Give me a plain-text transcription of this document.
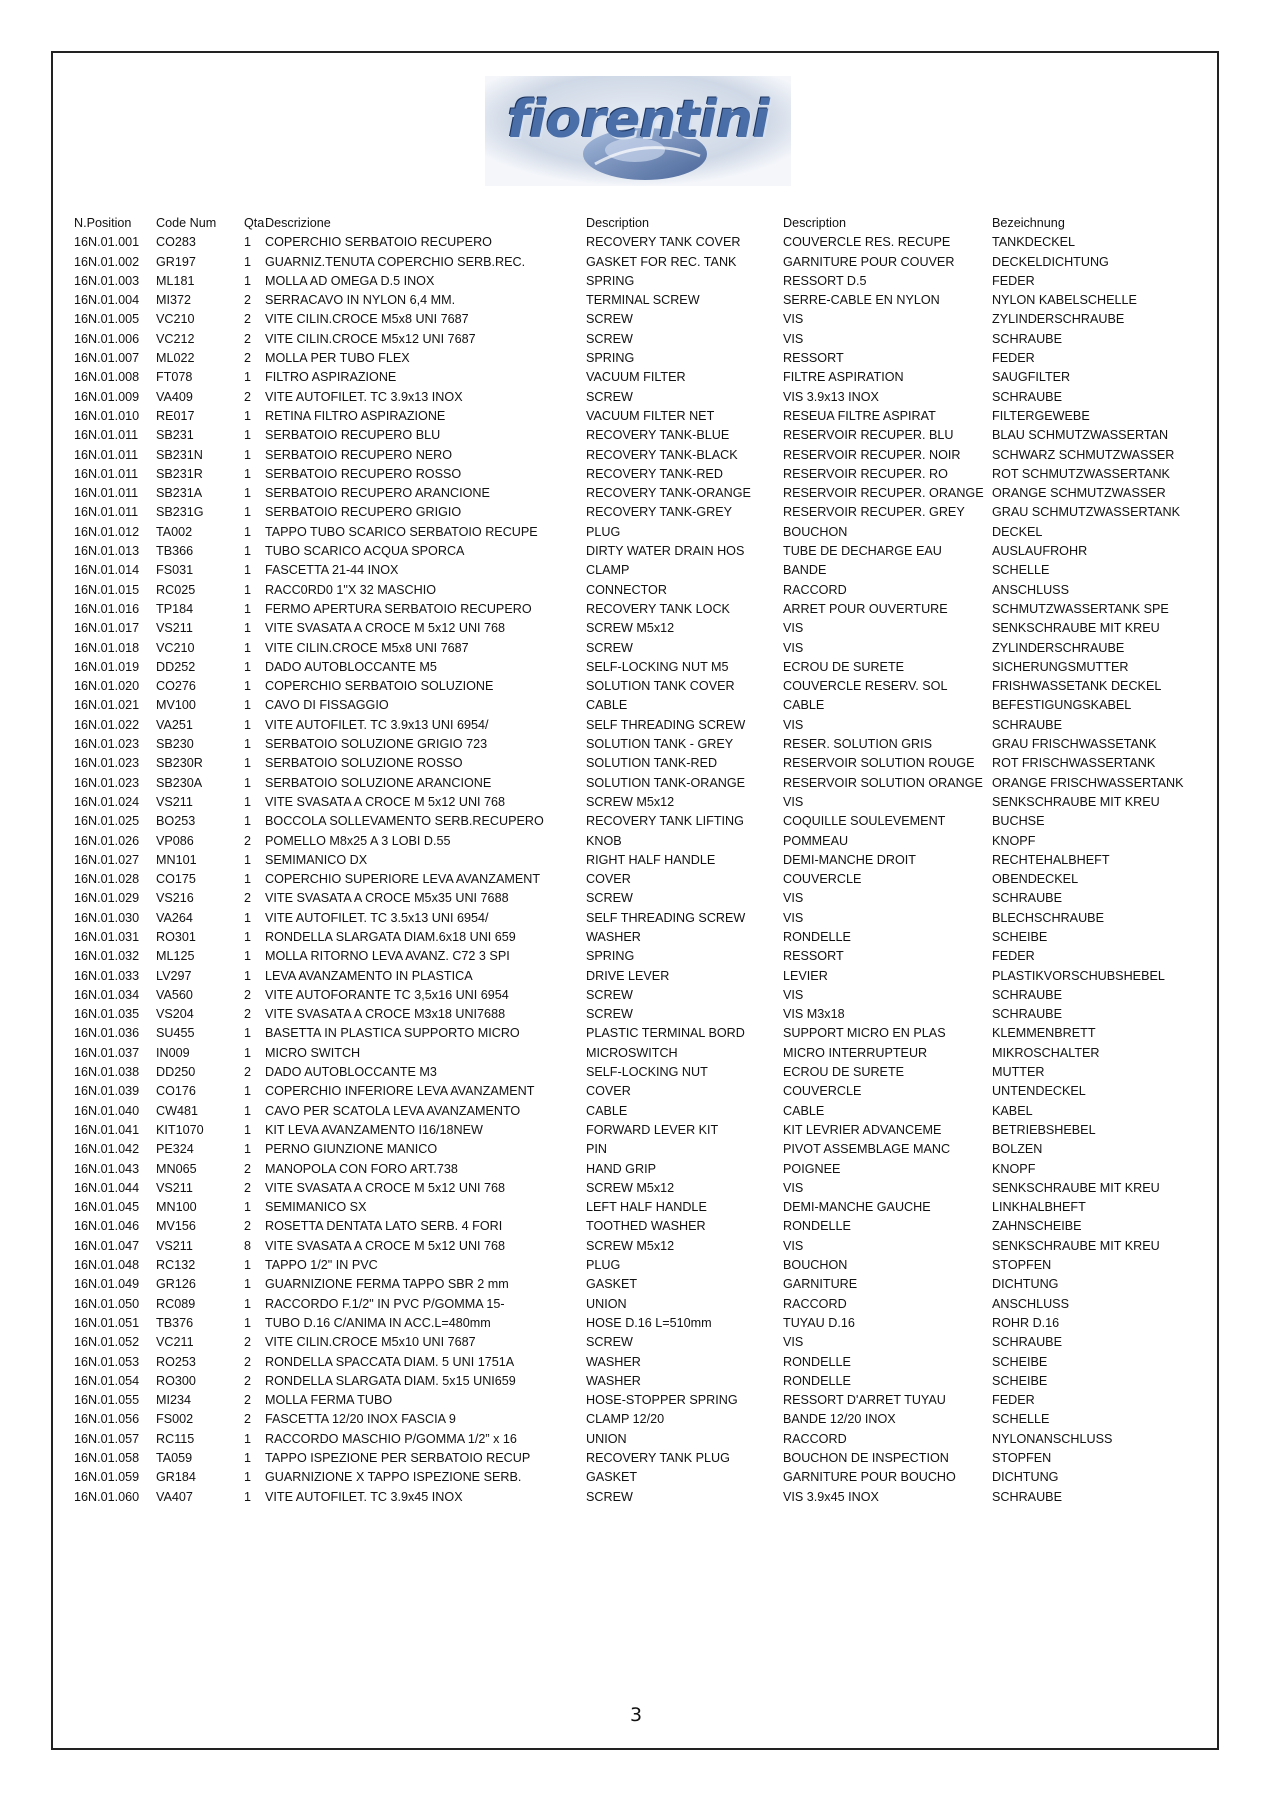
fiorentini
N.Position	Code Num	Qta	Descrizione	Description	Description	Bezeichnung
16N.01.001	CO283	1	COPERCHIO SERBATOIO RECUPERO	RECOVERY TANK COVER	COUVERCLE RES. RECUPE	TANKDECKEL
16N.01.002	GR197	1	GUARNIZ.TENUTA COPERCHIO SERB.REC.	GASKET FOR REC. TANK	GARNITURE POUR COUVER	DECKELDICHTUNG
16N.01.003	ML181	1	MOLLA AD OMEGA D.5 INOX	SPRING	RESSORT D.5	FEDER
16N.01.004	MI372	2	SERRACAVO IN NYLON 6,4 MM.	TERMINAL SCREW	SERRE-CABLE EN NYLON	NYLON KABELSCHELLE
16N.01.005	VC210	2	VITE CILIN.CROCE M5x8 UNI 7687	SCREW	VIS	ZYLINDERSCHRAUBE
16N.01.006	VC212	2	VITE CILIN.CROCE M5x12 UNI 7687	SCREW	VIS	SCHRAUBE
16N.01.007	ML022	2	MOLLA PER TUBO FLEX	SPRING	RESSORT	FEDER
16N.01.008	FT078	1	FILTRO ASPIRAZIONE	VACUUM FILTER	FILTRE ASPIRATION	SAUGFILTER
16N.01.009	VA409	2	VITE AUTOFILET. TC 3.9x13 INOX	SCREW	VIS 3.9x13 INOX	SCHRAUBE
16N.01.010	RE017	1	RETINA FILTRO ASPIRAZIONE	VACUUM FILTER NET	RESEUA FILTRE ASPIRAT	FILTERGEWEBE
16N.01.011	SB231	1	SERBATOIO RECUPERO BLU	RECOVERY TANK-BLUE	RESERVOIR RECUPER. BLU	BLAU SCHMUTZWASSERTAN
16N.01.011	SB231N	1	SERBATOIO RECUPERO NERO	RECOVERY TANK-BLACK	RESERVOIR RECUPER. NOIR	SCHWARZ SCHMUTZWASSER
16N.01.011	SB231R	1	SERBATOIO RECUPERO ROSSO	RECOVERY TANK-RED	RESERVOIR RECUPER. RO	ROT SCHMUTZWASSERTANK
16N.01.011	SB231A	1	SERBATOIO RECUPERO ARANCIONE	RECOVERY TANK-ORANGE	RESERVOIR RECUPER. ORANGE	ORANGE SCHMUTZWASSER
16N.01.011	SB231G	1	SERBATOIO RECUPERO GRIGIO	RECOVERY TANK-GREY	RESERVOIR RECUPER. GREY	GRAU SCHMUTZWASSERTANK
16N.01.012	TA002	1	TAPPO TUBO SCARICO SERBATOIO RECUPE	PLUG	BOUCHON	DECKEL
16N.01.013	TB366	1	TUBO SCARICO ACQUA SPORCA	DIRTY WATER DRAIN HOS	TUBE DE DECHARGE EAU	AUSLAUFROHR
16N.01.014	FS031	1	FASCETTA 21-44 INOX	CLAMP	BANDE	SCHELLE
16N.01.015	RC025	1	RACC0RD0 1"X 32 MASCHIO	CONNECTOR	RACCORD	ANSCHLUSS
16N.01.016	TP184	1	FERMO APERTURA SERBATOIO RECUPERO	RECOVERY TANK LOCK	ARRET POUR OUVERTURE	SCHMUTZWASSERTANK SPE
16N.01.017	VS211	1	VITE SVASATA A CROCE M 5x12 UNI 768	SCREW M5x12	VIS	SENKSCHRAUBE MIT KREU
16N.01.018	VC210	1	VITE CILIN.CROCE M5x8 UNI 7687	SCREW	VIS	ZYLINDERSCHRAUBE
16N.01.019	DD252	1	DADO AUTOBLOCCANTE M5	SELF-LOCKING NUT M5	ECROU DE SURETE	SICHERUNGSMUTTER
16N.01.020	CO276	1	COPERCHIO SERBATOIO SOLUZIONE	SOLUTION TANK COVER	COUVERCLE RESERV. SOL	FRISHWASSETANK DECKEL
16N.01.021	MV100	1	CAVO DI FISSAGGIO	CABLE	CABLE	BEFESTIGUNGSKABEL
16N.01.022	VA251	1	VITE AUTOFILET. TC 3.9x13 UNI 6954/	SELF THREADING SCREW	VIS	SCHRAUBE
16N.01.023	SB230	1	SERBATOIO SOLUZIONE GRIGIO 723	SOLUTION TANK - GREY	RESER. SOLUTION GRIS	GRAU FRISCHWASSETANK
16N.01.023	SB230R	1	SERBATOIO SOLUZIONE ROSSO	SOLUTION TANK-RED	RESERVOIR SOLUTION ROUGE	ROT FRISCHWASSERTANK
16N.01.023	SB230A	1	SERBATOIO SOLUZIONE ARANCIONE	SOLUTION TANK-ORANGE	RESERVOIR SOLUTION ORANGE	ORANGE FRISCHWASSERTANK
16N.01.024	VS211	1	VITE SVASATA A CROCE M 5x12 UNI 768	SCREW M5x12	VIS	SENKSCHRAUBE MIT KREU
16N.01.025	BO253	1	BOCCOLA SOLLEVAMENTO SERB.RECUPERO	RECOVERY TANK LIFTING	COQUILLE SOULEVEMENT	BUCHSE
16N.01.026	VP086	2	POMELLO M8x25 A 3 LOBI D.55	KNOB	POMMEAU	KNOPF
16N.01.027	MN101	1	SEMIMANICO DX	RIGHT HALF HANDLE	DEMI-MANCHE DROIT	RECHTEHALBHEFT
16N.01.028	CO175	1	COPERCHIO SUPERIORE LEVA AVANZAMENT	COVER	COUVERCLE	OBENDECKEL
16N.01.029	VS216	2	VITE SVASATA A CROCE M5x35 UNI 7688	SCREW	VIS	SCHRAUBE
16N.01.030	VA264	1	VITE AUTOFILET. TC 3.5x13 UNI 6954/	SELF THREADING SCREW	VIS	BLECHSCHRAUBE
16N.01.031	RO301	1	RONDELLA SLARGATA DIAM.6x18 UNI 659	WASHER	RONDELLE	SCHEIBE
16N.01.032	ML125	1	MOLLA RITORNO LEVA AVANZ. C72 3 SPI	SPRING	RESSORT	FEDER
16N.01.033	LV297	1	LEVA AVANZAMENTO IN PLASTICA	DRIVE LEVER	LEVIER	PLASTIKVORSCHUBSHEBEL
16N.01.034	VA560	2	VITE AUTOFORANTE TC 3,5x16 UNI 6954	SCREW	VIS	SCHRAUBE
16N.01.035	VS204	2	VITE SVASATA A CROCE M3x18 UNI7688	SCREW	VIS M3x18	SCHRAUBE
16N.01.036	SU455	1	BASETTA IN PLASTICA SUPPORTO MICRO	PLASTIC TERMINAL BORD	SUPPORT MICRO EN PLAS	KLEMMENBRETT
16N.01.037	IN009	1	MICRO SWITCH	MICROSWITCH	MICRO INTERRUPTEUR	MIKROSCHALTER
16N.01.038	DD250	2	DADO AUTOBLOCCANTE M3	SELF-LOCKING NUT	ECROU DE SURETE	MUTTER
16N.01.039	CO176	1	COPERCHIO INFERIORE LEVA AVANZAMENT	COVER	COUVERCLE	UNTENDECKEL
16N.01.040	CW481	1	CAVO PER SCATOLA LEVA AVANZAMENTO	CABLE	CABLE	KABEL
16N.01.041	KIT1070	1	KIT LEVA AVANZAMENTO I16/18NEW	FORWARD LEVER KIT	KIT LEVRIER ADVANCEME	BETRIEBSHEBEL
16N.01.042	PE324	1	PERNO GIUNZIONE MANICO	PIN	PIVOT ASSEMBLAGE MANC	BOLZEN
16N.01.043	MN065	2	MANOPOLA CON FORO ART.738	HAND GRIP	POIGNEE	KNOPF
16N.01.044	VS211	2	VITE SVASATA A CROCE M 5x12 UNI 768	SCREW M5x12	VIS	SENKSCHRAUBE MIT KREU
16N.01.045	MN100	1	SEMIMANICO SX	LEFT HALF HANDLE	DEMI-MANCHE GAUCHE	LINKHALBHEFT
16N.01.046	MV156	2	ROSETTA DENTATA LATO SERB. 4 FORI	TOOTHED WASHER	RONDELLE	ZAHNSCHEIBE
16N.01.047	VS211	8	VITE SVASATA A CROCE M 5x12 UNI 768	SCREW M5x12	VIS	SENKSCHRAUBE MIT KREU
16N.01.048	RC132	1	TAPPO 1/2" IN PVC	PLUG	BOUCHON	STOPFEN
16N.01.049	GR126	1	GUARNIZIONE FERMA TAPPO SBR 2 mm	GASKET	GARNITURE	DICHTUNG
16N.01.050	RC089	1	RACCORDO F.1/2" IN PVC P/GOMMA 15-	UNION	RACCORD	ANSCHLUSS
16N.01.051	TB376	1	TUBO D.16 C/ANIMA IN ACC.L=480mm	HOSE D.16 L=510mm	TUYAU D.16	ROHR D.16
16N.01.052	VC211	2	VITE CILIN.CROCE M5x10 UNI 7687	SCREW	VIS	SCHRAUBE
16N.01.053	RO253	2	RONDELLA SPACCATA DIAM. 5 UNI 1751A	WASHER	RONDELLE	SCHEIBE
16N.01.054	RO300	2	RONDELLA SLARGATA DIAM. 5x15 UNI659	WASHER	RONDELLE	SCHEIBE
16N.01.055	MI234	2	MOLLA FERMA TUBO	HOSE-STOPPER SPRING	RESSORT D'ARRET TUYAU	FEDER
16N.01.056	FS002	2	FASCETTA 12/20 INOX FASCIA 9	CLAMP 12/20	BANDE 12/20 INOX	SCHELLE
16N.01.057	RC115	1	RACCORDO MASCHIO P/GOMMA 1/2” x 16	UNION	RACCORD	NYLONANSCHLUSS
16N.01.058	TA059	1	TAPPO ISPEZIONE PER SERBATOIO RECUP	RECOVERY TANK PLUG	BOUCHON DE INSPECTION	STOPFEN
16N.01.059	GR184	1	GUARNIZIONE X TAPPO ISPEZIONE SERB.	GASKET	GARNITURE POUR BOUCHO	DICHTUNG
16N.01.060	VA407	1	VITE AUTOFILET. TC 3.9x45 INOX	SCREW	VIS 3.9x45 INOX	SCHRAUBE
3
